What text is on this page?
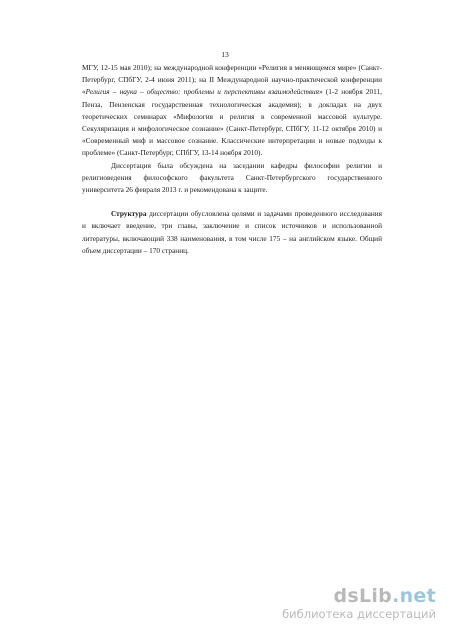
13

МГУ, 12-15 мая 2010); на международной конференции «Религия в меняющемся мире» (Санкт-Петербург, СПбГУ, 2-4 июня 2011); на II Международной научно-практической конференции «Религия – наука – общество: проблемы и перспективы взаимодействия» (1-2 ноября 2011, Пенза, Пензенская государственная технологическая академия); в докладах на двух теоретических семинарах «Мифология и религия в современной массовой культуре. Секуляризация и мифологическое сознание» (Санкт-Петербург, СПбГУ, 11-12 октября 2010) и «Современный миф и массовое сознание. Классические интерпретации и новые подходы к проблеме» (Санкт-Петербург, СПбГУ, 13-14 ноября 2010).

Диссертация была обсуждена на заседании кафедры философии религии и религиоведения философского факультета Санкт-Петербургского государственного университета 26 февраля 2013 г. и рекомендована к защите.

Структура диссертации обусловлена целями и задачами проведенного исследования и включает введение, три главы, заключение и список источников и использованной литературы, включающий 338 наименования, в том числе 175 – на английском языке. Общий объем диссертации – 170 страниц.

dsLib.net
библиотека диссертаций
